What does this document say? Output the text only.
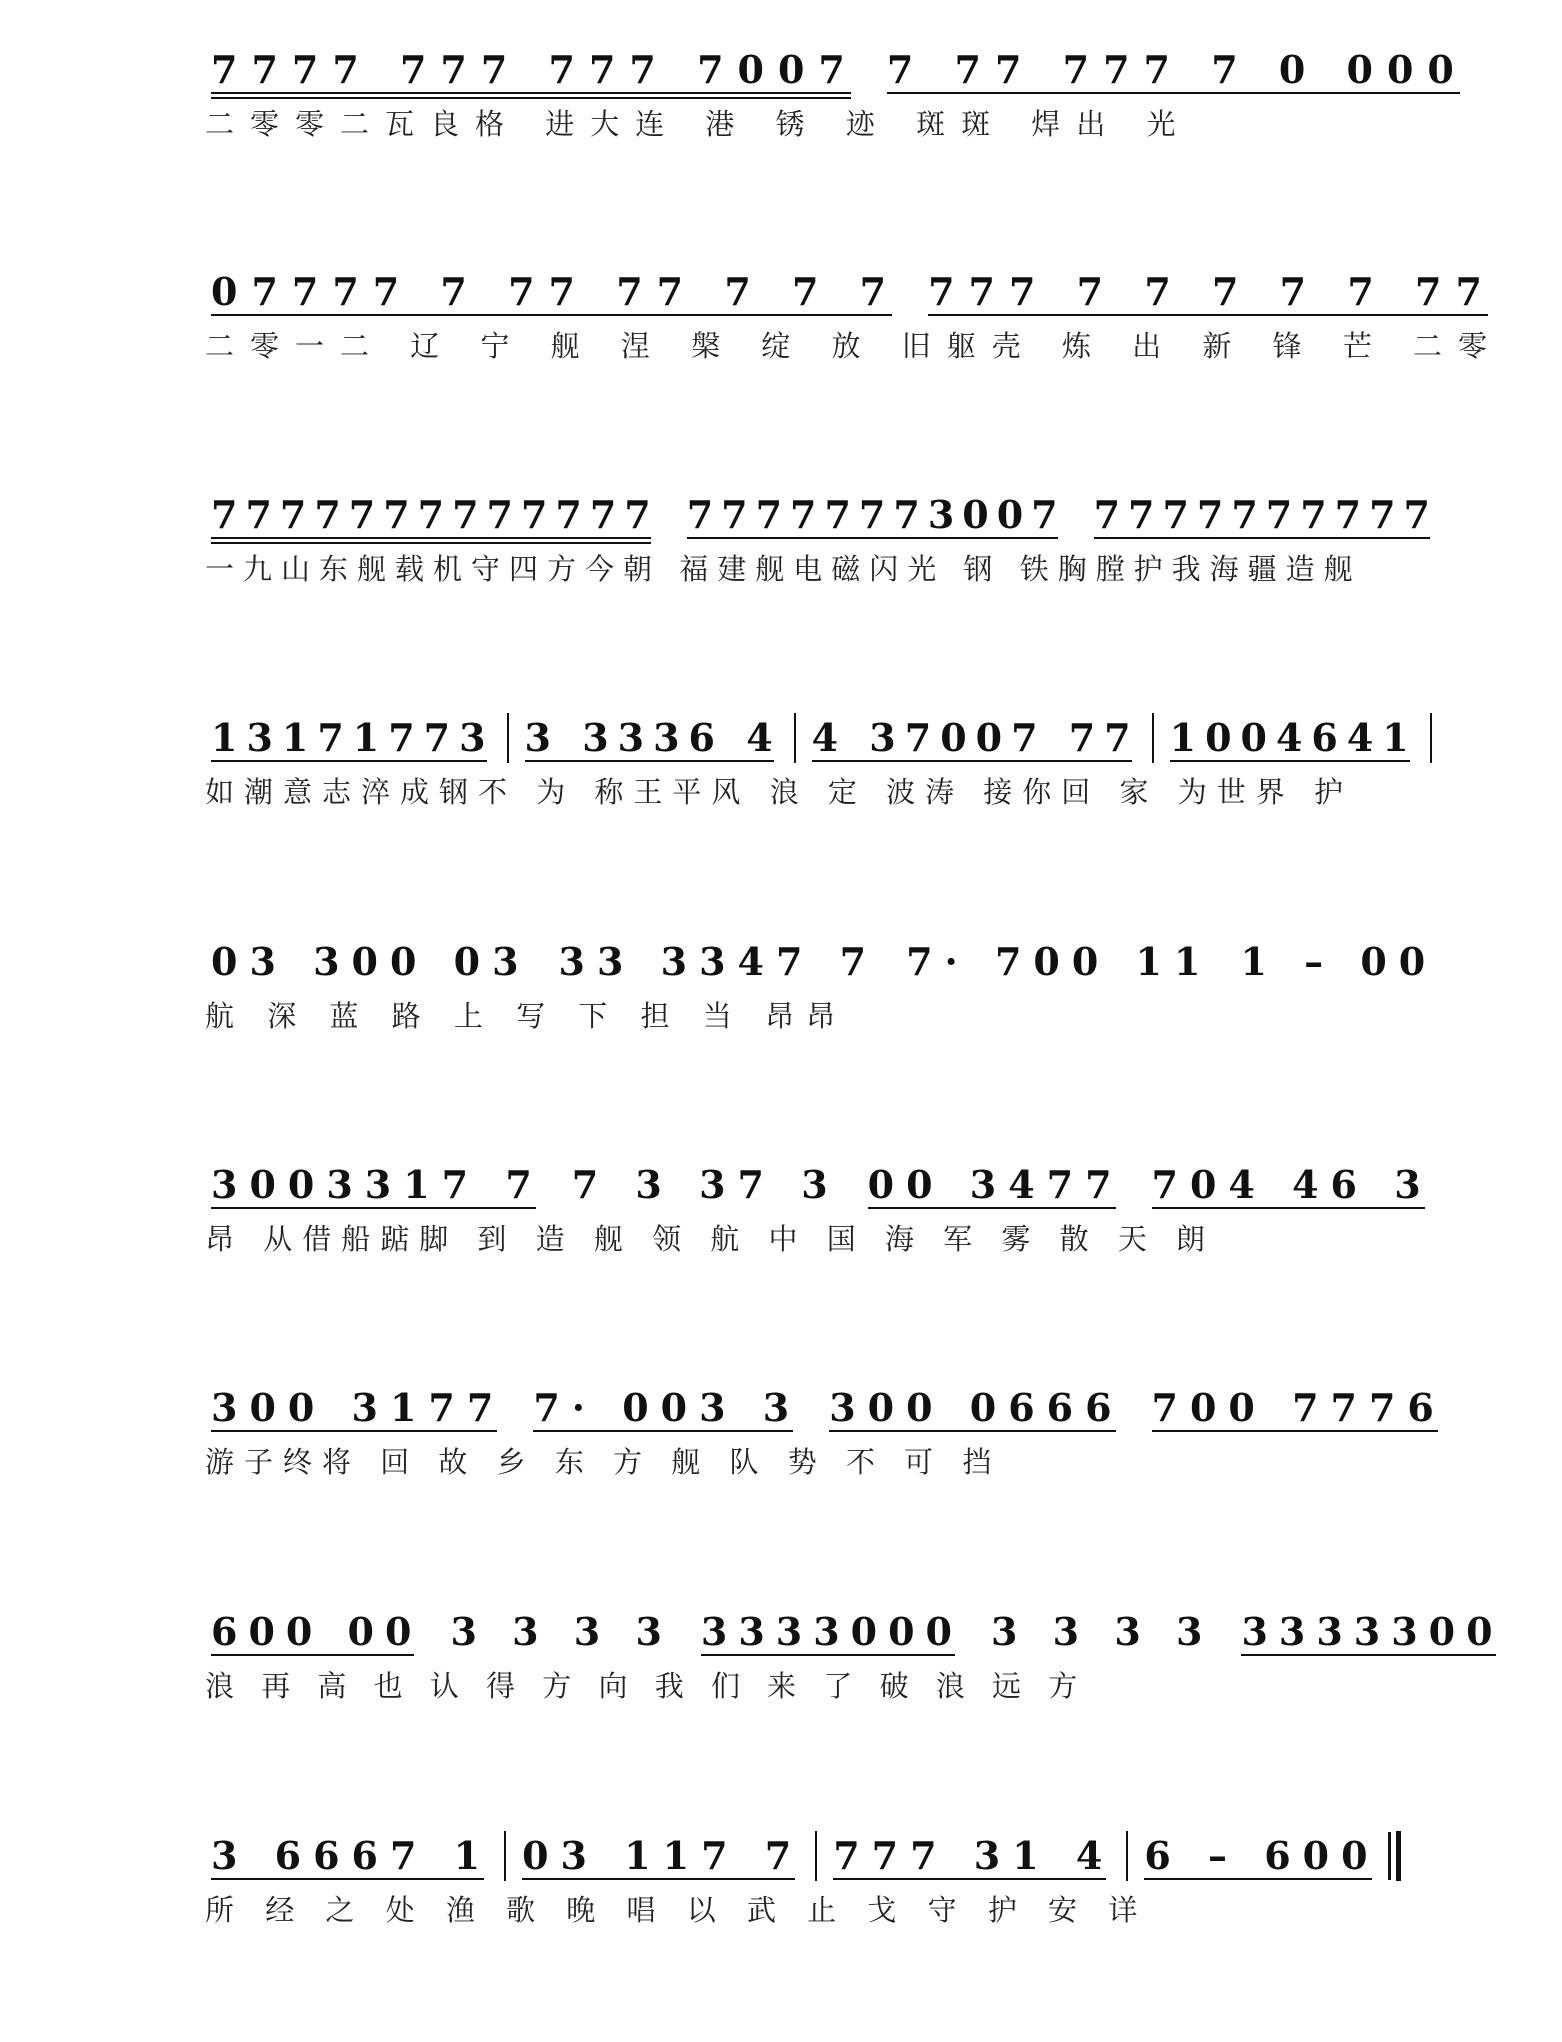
7777 777 777 7007 7 77 777 7 0 000
二零零二瓦良格 进大连 港 锈 迹 斑斑 焊出 光
07777 7 77 77 7 7 7 777 7 7 7 7 7 77
二零一二 辽 宁 舰 涅 槃 绽 放 旧躯壳 炼 出 新 锋 芒 二零
7777777777777 77777773007 7777777777
一九山东舰载机守四方今朝 福建舰电磁闪光 钢 铁胸膛护我海疆造舰
13171773 3 3336 4 4 37007 77 1004641
如潮意志淬成钢不 为 称王平风 浪 定 波涛 接你回 家 为世界 护
03 300 03 33 3347 7 7· 700 11 1 – 00
航 深 蓝 路 上 写 下 担 当 昂昂
3003317 7 7 3 37 3 00 3477 704 46 3
昂 从借船踮脚 到 造 舰 领 航 中 国 海 军 雾 散 天 朗
300 3177 7· 003 3 300 0666 700 7776
游子终将 回 故 乡 东 方 舰 队 势 不 可 挡
600 00 3 3 3 3 3333000 3 3 3 3 3333300
浪 再 高 也 认 得 方 向 我 们 来 了 破 浪 远 方
3 6667 1 03 117 7 777 31 4 6 – 600
所 经 之 处 渔 歌 晚 唱 以 武 止 戈 守 护 安 详
